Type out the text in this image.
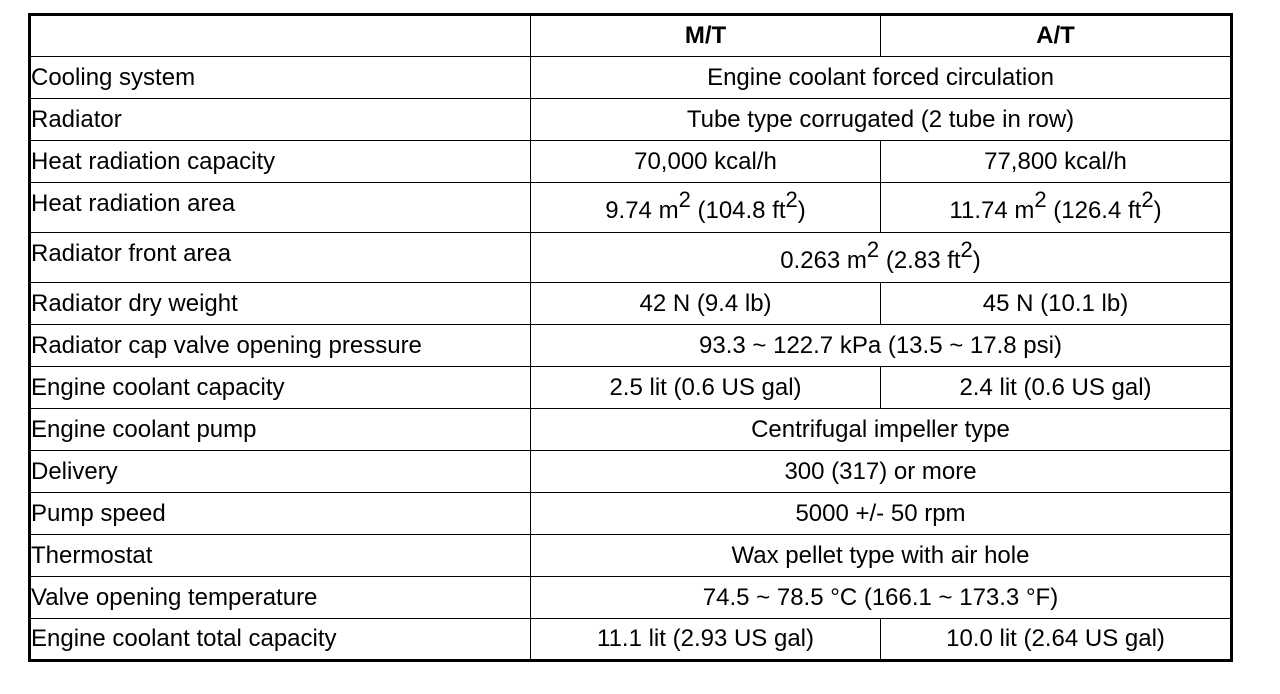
	M/T	A/T
Cooling system	Engine coolant forced circulation	
Radiator	Tube type corrugated (2 tube in row)	
Heat radiation capacity	70,000 kcal/h	77,800 kcal/h
Heat radiation area	9.74 $m^2$ (104.8 $ft^2$)	11.74 $m^2$ (126.4 $ft^2$)
Radiator front area	0.263 $m^2$ (2.83 $ft^2$)	
Radiator dry weight	42 N (9.4 lb)	45 N (10.1 lb)
Radiator cap valve opening pressure	93.3 ~ 122.7 kPa (13.5 ~ 17.8 psi)	
Engine coolant capacity	2.5 lit (0.6 US gal)	2.4 lit (0.6 US gal)
Engine coolant pump	Centrifugal impeller type	
Delivery	300 (317) or more	
Pump speed	5000 +/- 50 rpm	
Thermostat	Wax pellet type with air hole	
Valve opening temperature	74.5 ~ 78.5 °C (166.1 ~ 173.3 °F)	
Engine coolant total capacity	11.1 lit (2.93 US gal)	10.0 lit (2.64 US gal)
